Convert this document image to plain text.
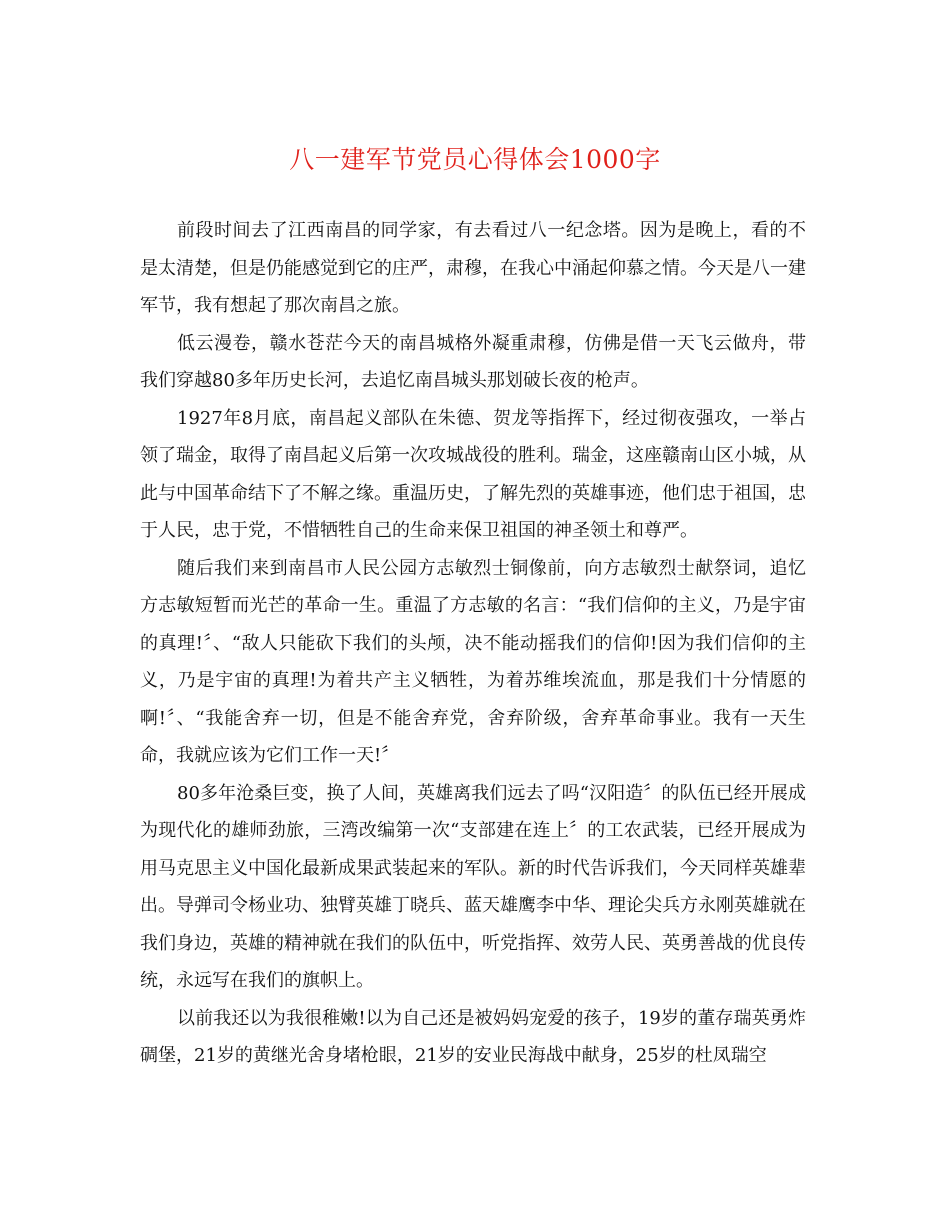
八一建军节党员心得体会1000字

前段时间去了江西南昌的同学家，有去看过八一纪念塔。因为是晚上，看的不是太清楚，但是仍能感觉到它的庄严，肃穆，在我心中涌起仰慕之情。今天是八一建军节，我有想起了那次南昌之旅。

低云漫卷，赣水苍茫今天的南昌城格外凝重肃穆，仿佛是借一天飞云做舟，带我们穿越80多年历史长河，去追忆南昌城头那划破长夜的枪声。

1927年8月底，南昌起义部队在朱德、贺龙等指挥下，经过彻夜强攻，一举占领了瑞金，取得了南昌起义后第一次攻城战役的胜利。瑞金，这座赣南山区小城，从此与中国革命结下了不解之缘。重温历史，了解先烈的英雄事迹，他们忠于祖国，忠于人民，忠于党，不惜牺牲自己的生命来保卫祖国的神圣领土和尊严。

随后我们来到南昌市人民公园方志敏烈士铜像前，向方志敏烈士献祭词，追忆方志敏短暂而光芒的革命一生。重温了方志敏的名言：“我们信仰的主义，乃是宇宙的真理!〞、“敌人只能砍下我们的头颅，决不能动摇我们的信仰!因为我们信仰的主义，乃是宇宙的真理!为着共产主义牺牲，为着苏维埃流血，那是我们十分情愿的啊!〞、“我能舍弃一切，但是不能舍弃党，舍弃阶级，舍弃革命事业。我有一天生命，我就应该为它们工作一天!〞

80多年沧桑巨变，换了人间，英雄离我们远去了吗“汉阳造〞的队伍已经开展成为现代化的雄师劲旅，三湾改编第一次“支部建在连上〞的工农武装，已经开展成为用马克思主义中国化最新成果武装起来的军队。新的时代告诉我们，今天同样英雄辈出。导弹司令杨业功、独臂英雄丁晓兵、蓝天雄鹰李中华、理论尖兵方永刚英雄就在我们身边，英雄的精神就在我们的队伍中，听党指挥、效劳人民、英勇善战的优良传统，永远写在我们的旗帜上。

以前我还以为我很稚嫩!以为自己还是被妈妈宠爱的孩子，19岁的董存瑞英勇炸碉堡，21岁的黄继光舍身堵枪眼，21岁的安业民海战中献身，25岁的杜凤瑞空
